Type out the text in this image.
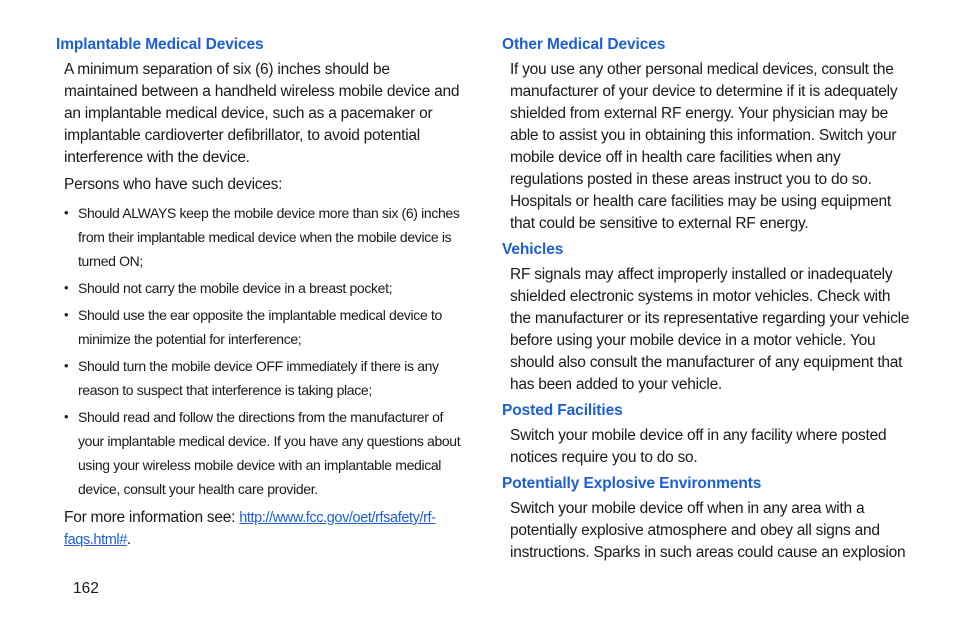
Implantable Medical Devices
A minimum separation of six (6) inches should be maintained between a handheld wireless mobile device and an implantable medical device, such as a pacemaker or implantable cardioverter defibrillator, to avoid potential interference with the device.
Persons who have such devices:
• Should ALWAYS keep the mobile device more than six (6) inches from their implantable medical device when the mobile device is turned ON;
• Should not carry the mobile device in a breast pocket;
• Should use the ear opposite the implantable medical device to minimize the potential for interference;
• Should turn the mobile device OFF immediately if there is any reason to suspect that interference is taking place;
• Should read and follow the directions from the manufacturer of your implantable medical device. If you have any questions about using your wireless mobile device with an implantable medical device, consult your health care provider.
For more information see: http://www.fcc.gov/oet/rfsafety/rf-faqs.html#.
Other Medical Devices
If you use any other personal medical devices, consult the manufacturer of your device to determine if it is adequately shielded from external RF energy. Your physician may be able to assist you in obtaining this information. Switch your mobile device off in health care facilities when any regulations posted in these areas instruct you to do so. Hospitals or health care facilities may be using equipment that could be sensitive to external RF energy.
Vehicles
RF signals may affect improperly installed or inadequately shielded electronic systems in motor vehicles. Check with the manufacturer or its representative regarding your vehicle before using your mobile device in a motor vehicle. You should also consult the manufacturer of any equipment that has been added to your vehicle.
Posted Facilities
Switch your mobile device off in any facility where posted notices require you to do so.
Potentially Explosive Environments
Switch your mobile device off when in any area with a potentially explosive atmosphere and obey all signs and instructions. Sparks in such areas could cause an explosion
162
